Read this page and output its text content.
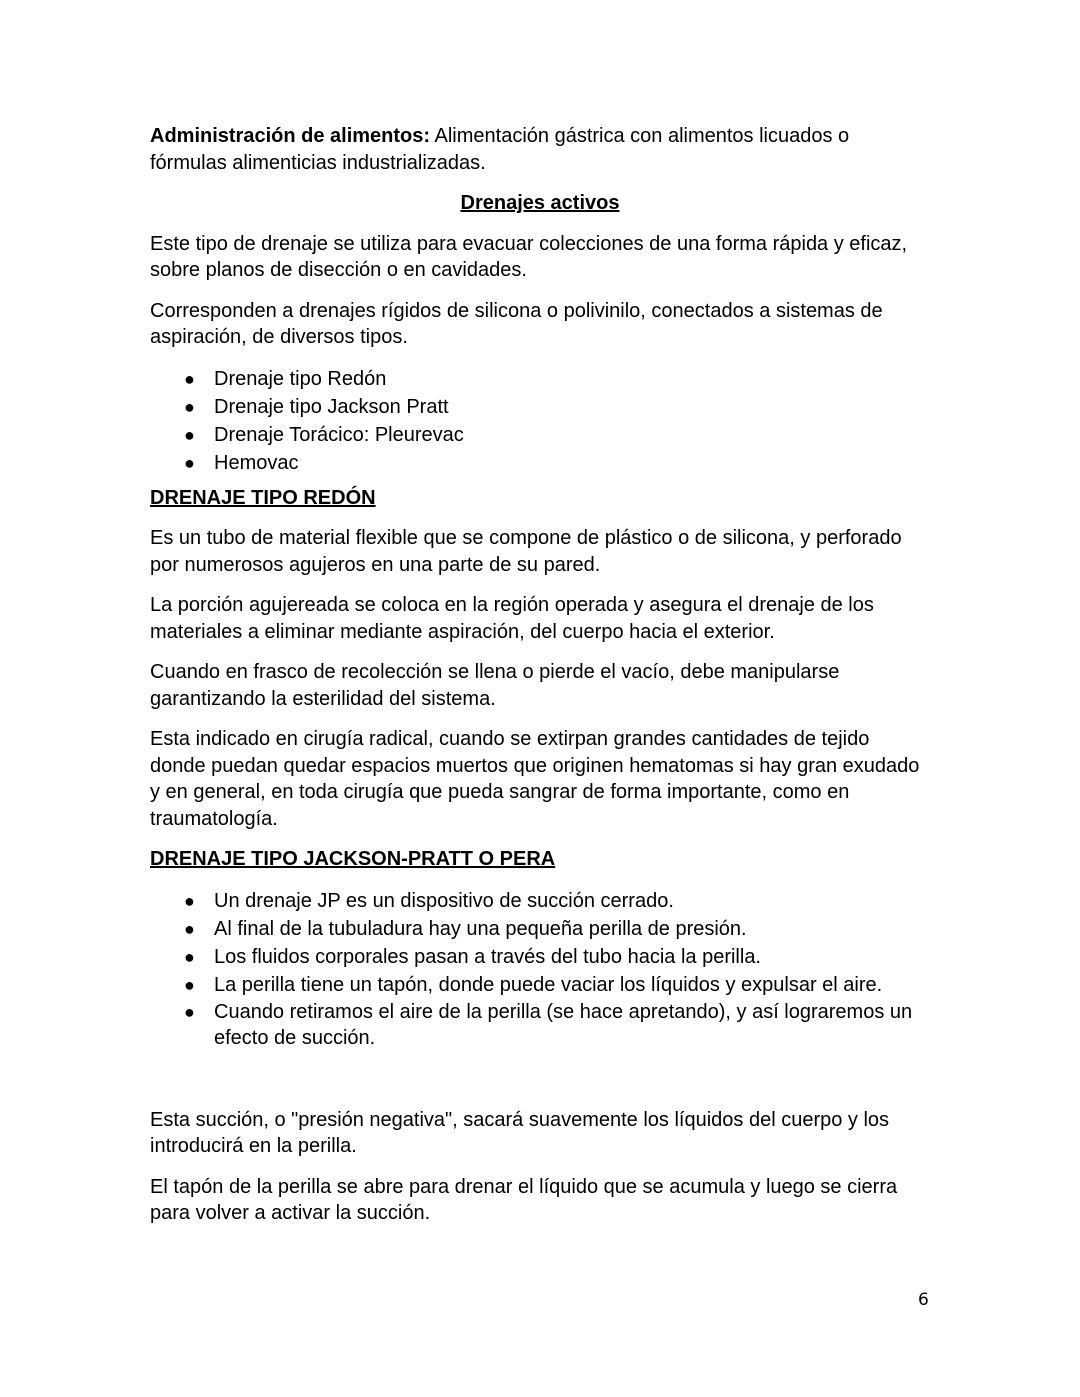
Administración de alimentos: Alimentación gástrica con alimentos licuados o fórmulas alimenticias industrializadas.

Drenajes activos

Este tipo de drenaje se utiliza para evacuar colecciones de una forma rápida y eficaz, sobre planos de disección o en cavidades.

Corresponden a drenajes rígidos de silicona o polivinilo, conectados a sistemas de aspiración, de diversos tipos.

● Drenaje tipo Redón
● Drenaje tipo Jackson Pratt
● Drenaje Torácico: Pleurevac
● Hemovac
DRENAJE TIPO REDÓN

Es un tubo de material flexible que se compone de plástico o de silicona, y perforado por numerosos agujeros en una parte de su pared.

La porción agujereada se coloca en la región operada y asegura el drenaje de los materiales a eliminar mediante aspiración, del cuerpo hacia el exterior.

Cuando en frasco de recolección se llena o pierde el vacío, debe manipularse garantizando la esterilidad del sistema.

Esta indicado en cirugía radical, cuando se extirpan grandes cantidades de tejido donde puedan quedar espacios muertos que originen hematomas si hay gran exudado y en general, en toda cirugía que pueda sangrar de forma importante, como en traumatología.

DRENAJE TIPO JACKSON-PRATT O PERA
● Un drenaje JP es un dispositivo de succión cerrado.
● Al final de la tubuladura hay una pequeña perilla de presión.
● Los fluidos corporales pasan a través del tubo hacia la perilla.
● La perilla tiene un tapón, donde puede vaciar los líquidos y expulsar el aire.
● Cuando retiramos el aire de la perilla (se hace apretando), y así lograremos un efecto de succión.

Esta succión, o "presión negativa", sacará suavemente los líquidos del cuerpo y los introducirá en la perilla.

El tapón de la perilla se abre para drenar el líquido que se acumula y luego se cierra para volver a activar la succión.

6
